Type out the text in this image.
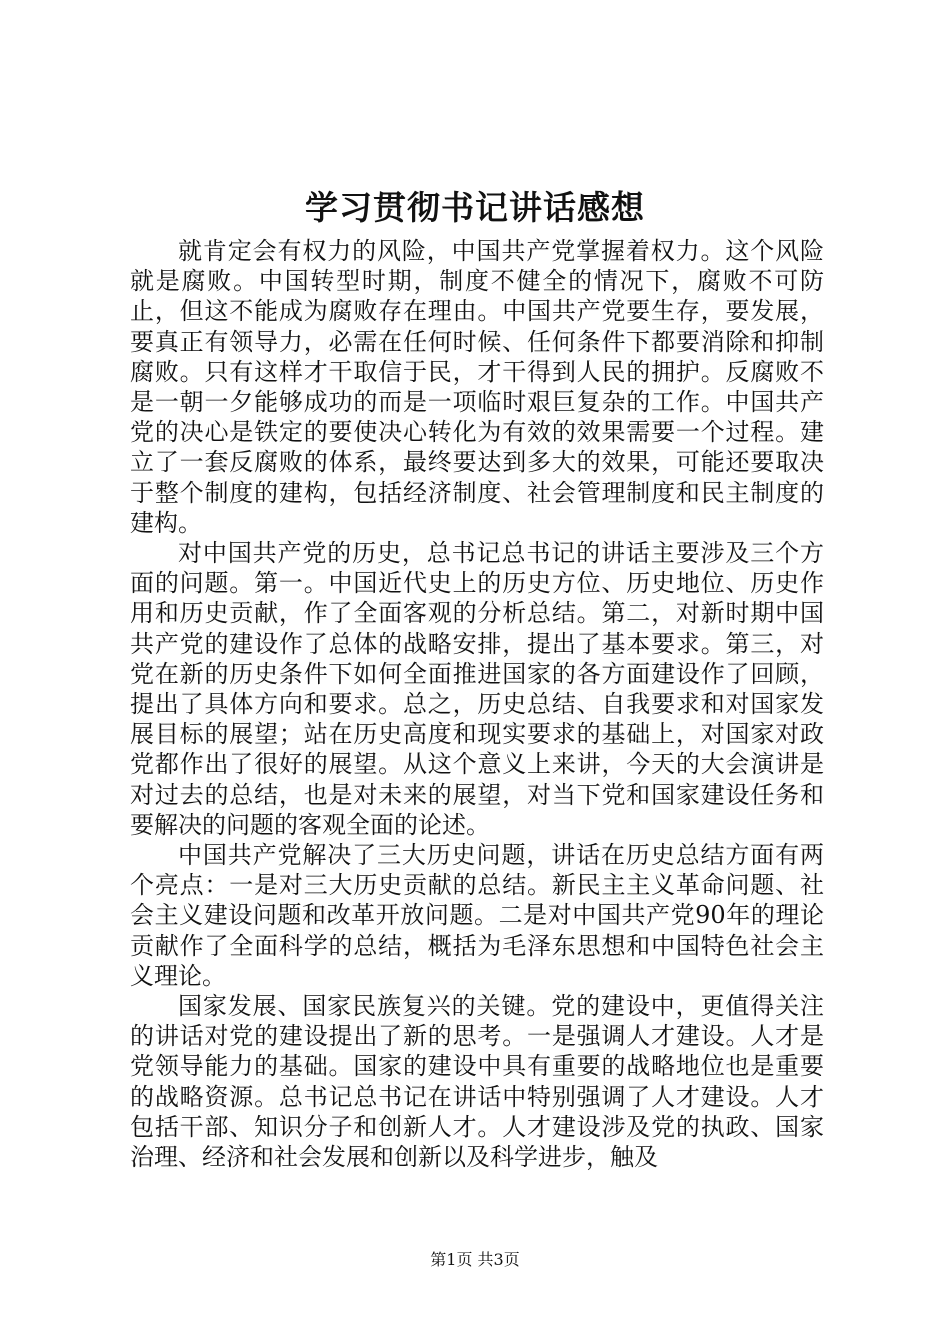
学习贯彻书记讲话感想

就肯定会有权力的风险，中国共产党掌握着权力。这个风险就是腐败。中国转型时期，制度不健全的情况下，腐败不可防止，但这不能成为腐败存在理由。中国共产党要生存，要发展，要真正有领导力，必需在任何时候、任何条件下都要消除和抑制腐败。只有这样才干取信于民，才干得到人民的拥护。反腐败不是一朝一夕能够成功的而是一项临时艰巨复杂的工作。中国共产党的决心是铁定的要使决心转化为有效的效果需要一个过程。建立了一套反腐败的体系，最终要达到多大的效果，可能还要取决于整个制度的建构，包括经济制度、社会管理制度和民主制度的建构。

对中国共产党的历史，总书记总书记的讲话主要涉及三个方面的问题。第一。中国近代史上的历史方位、历史地位、历史作用和历史贡献，作了全面客观的分析总结。第二，对新时期中国共产党的建设作了总体的战略安排，提出了基本要求。第三，对党在新的历史条件下如何全面推进国家的各方面建设作了回顾，提出了具体方向和要求。总之，历史总结、自我要求和对国家发展目标的展望；站在历史高度和现实要求的基础上，对国家对政党都作出了很好的展望。从这个意义上来讲，今天的大会演讲是对过去的总结，也是对未来的展望，对当下党和国家建设任务和要解决的问题的客观全面的论述。

中国共产党解决了三大历史问题，讲话在历史总结方面有两个亮点：一是对三大历史贡献的总结。新民主主义革命问题、社会主义建设问题和改革开放问题。二是对中国共产党90年的理论贡献作了全面科学的总结，概括为毛泽东思想和中国特色社会主义理论。

国家发展、国家民族复兴的关键。党的建设中，更值得关注的讲话对党的建设提出了新的思考。一是强调人才建设。人才是党领导能力的基础。国家的建设中具有重要的战略地位也是重要的战略资源。总书记总书记在讲话中特别强调了人才建设。人才包括干部、知识分子和创新人才。人才建设涉及党的执政、国家治理、经济和社会发展和创新以及科学进步，触及

第1页 共3页
